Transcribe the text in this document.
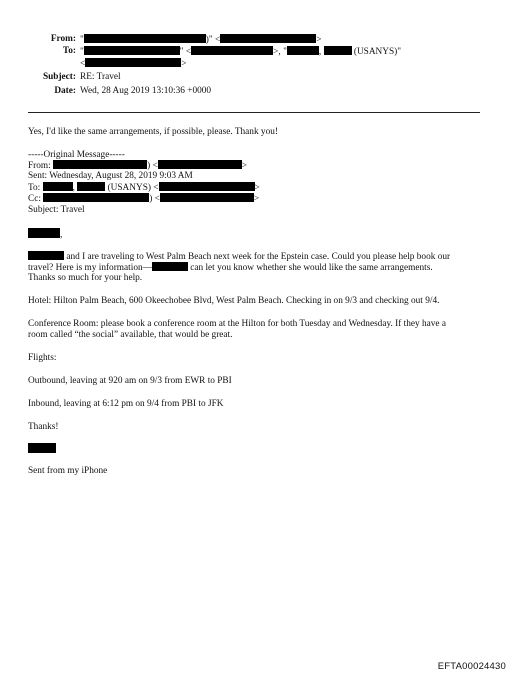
From: "	)" <	>
To: "	" <	>, "	,	(USANYS)"
<	>
Subject: RE: Travel
Date: Wed, 28 Aug 2019 13:10:36 +0000
Yes, I'd like the same arrangements, if possible, please. Thank you!
-----Original Message-----
From:	) <	>
Sent: Wednesday, August 28, 2019 9:03 AM
To:	,	(USANYS) <	>
Cc:	) <	>
Subject: Travel
,
and I are traveling to West Palm Beach next week for the Epstein case. Could you please help book our
travel? Here is my information—	can let you know whether she would like the same arrangements.
Thanks so much for your help.
Hotel: Hilton Palm Beach, 600 Okeechobee Blvd, West Palm Beach. Checking in on 9/3 and checking out 9/4.
Conference Room: please book a conference room at the Hilton for both Tuesday and Wednesday. If they have a
room called “the social” available, that would be great.
Flights:
Outbound, leaving at 920 am on 9/3 from EWR to PBI
Inbound, leaving at 6:12 pm on 9/4 from PBI to JFK
Thanks!
Sent from my iPhone
EFTA00024430
